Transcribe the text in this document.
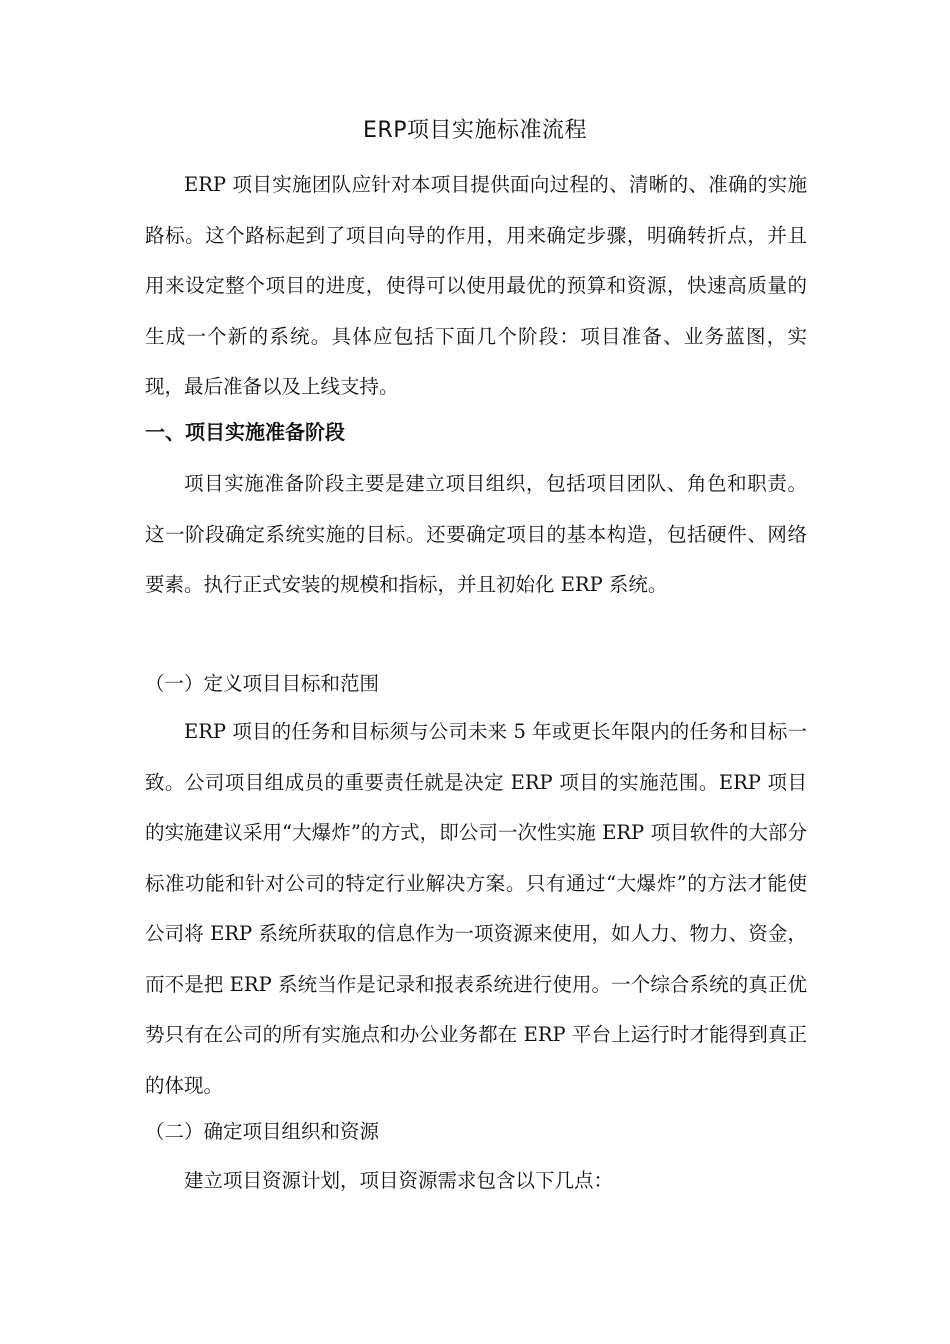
ERP项目实施标准流程

ERP 项目实施团队应针对本项目提供面向过程的、清晰的、准确的实施路标。这个路标起到了项目向导的作用，用来确定步骤，明确转折点，并且用来设定整个项目的进度，使得可以使用最优的预算和资源，快速高质量的生成一个新的系统。具体应包括下面几个阶段：项目准备、业务蓝图，实现，最后准备以及上线支持。

一、项目实施准备阶段

项目实施准备阶段主要是建立项目组织，包括项目团队、角色和职责。这一阶段确定系统实施的目标。还要确定项目的基本构造，包括硬件、网络要素。执行正式安装的规模和指标，并且初始化 ERP 系统。

（一）定义项目目标和范围

ERP 项目的任务和目标须与公司未来 5 年或更长年限内的任务和目标一致。公司项目组成员的重要责任就是决定 ERP 项目的实施范围。ERP 项目的实施建议采用“大爆炸”的方式，即公司一次性实施 ERP 项目软件的大部分标准功能和针对公司的特定行业解决方案。只有通过“大爆炸”的方法才能使公司将 ERP 系统所获取的信息作为一项资源来使用，如人力、物力、资金，而不是把 ERP 系统当作是记录和报表系统进行使用。一个综合系统的真正优势只有在公司的所有实施点和办公业务都在 ERP 平台上运行时才能得到真正的体现。

（二）确定项目组织和资源

建立项目资源计划，项目资源需求包含以下几点：
